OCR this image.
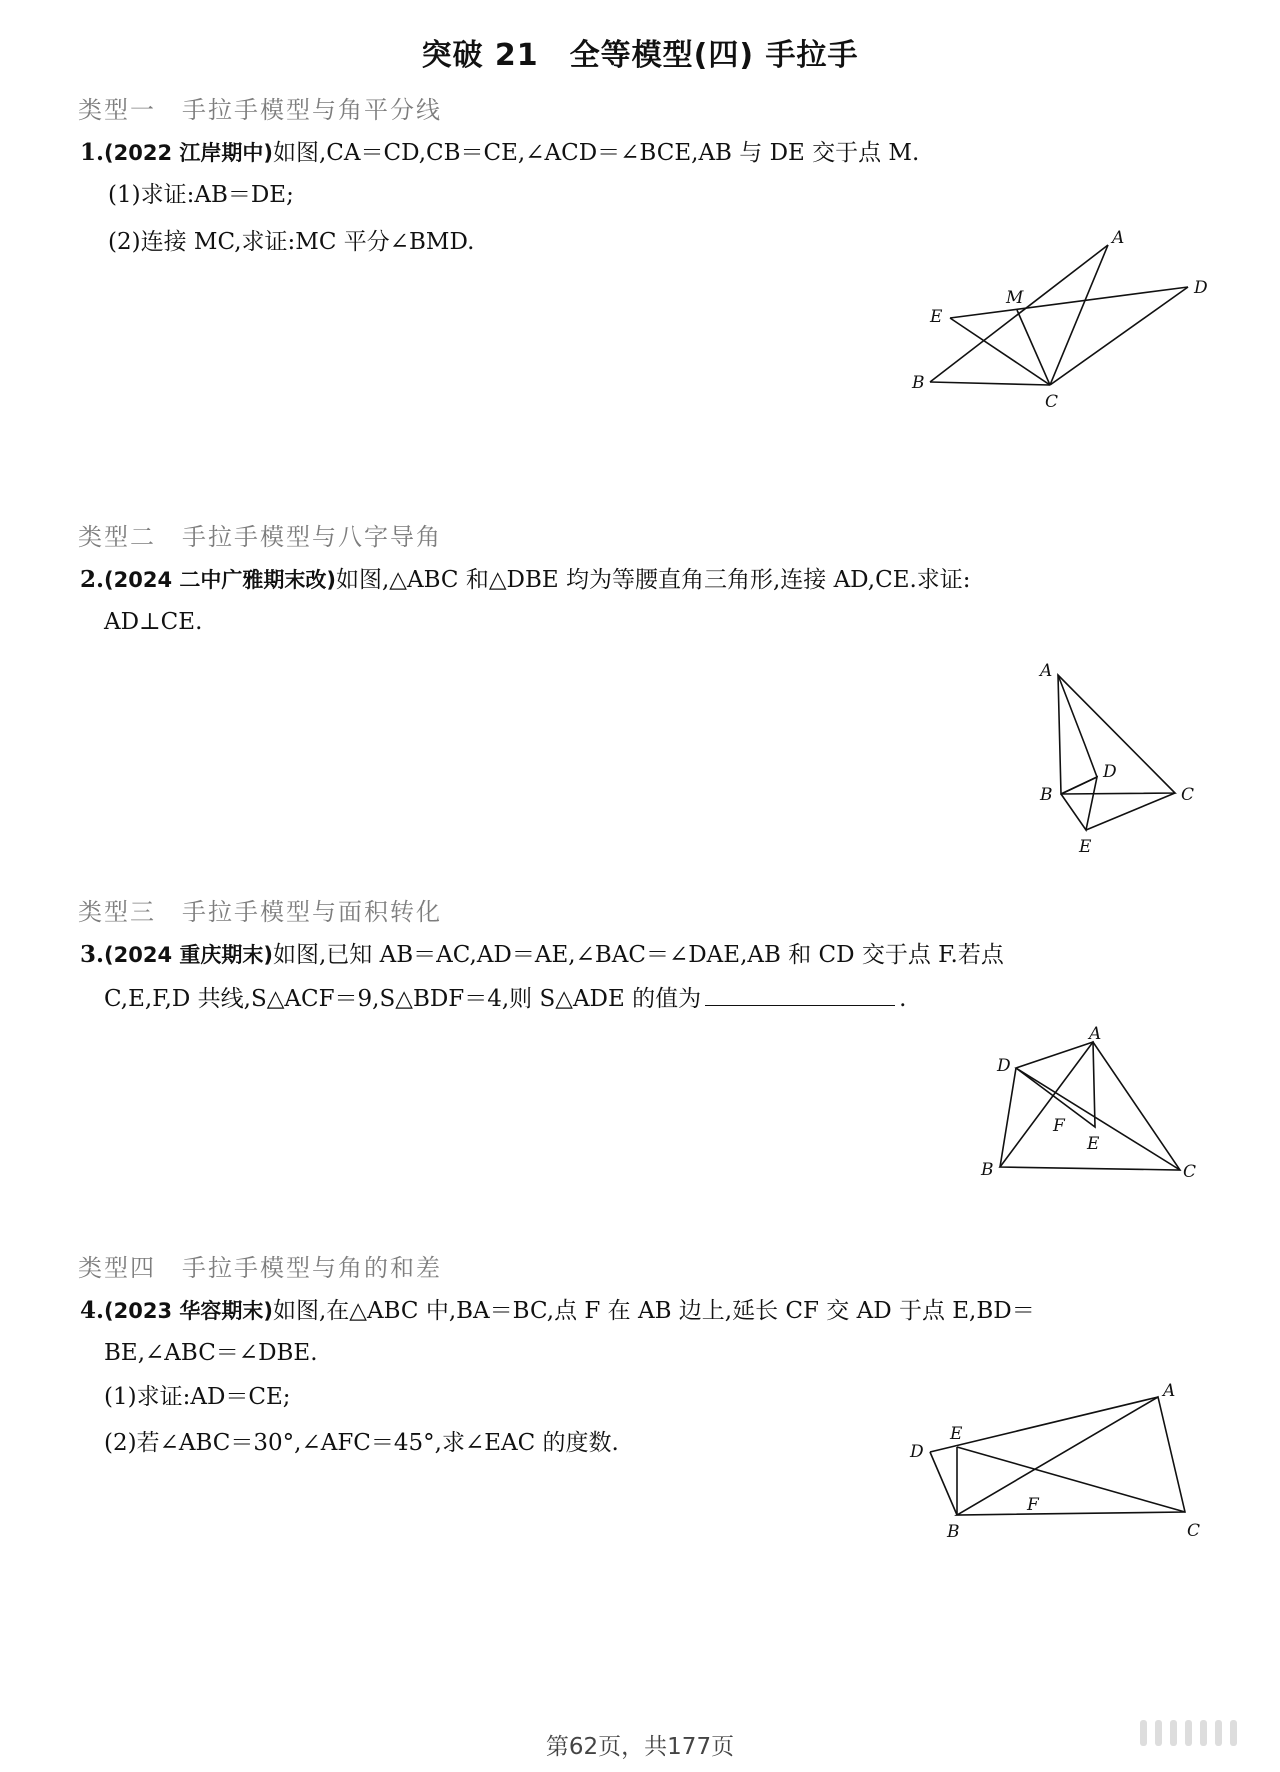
突破 21　全等模型(四) 手拉手
类型一　手拉手模型与角平分线
1.(2022 江岸期中)如图,CA＝CD,CB＝CE,∠ACD＝∠BCE,AB 与 DE 交于点 M.
(1)求证:AB＝DE;
(2)连接 MC,求证:MC 平分∠BMD.	A
M	D
E
B
C
类型二　手拉手模型与八字导角
2.(2024 二中广雅期末改)如图,△ABC 和△DBE 均为等腰直角三角形,连接 AD,CE.求证:
AD⊥CE.
A
D
B	C
E
类型三　手拉手模型与面积转化
3.(2024 重庆期末)如图,已知 AB＝AC,AD＝AE,∠BAC＝∠DAE,AB 和 CD 交于点 F.若点
C,E,F,D 共线,S△ACF＝9,S△BDF＝4,则 S△ADE 的值为	.
A
D
F
E
B	C
类型四　手拉手模型与角的和差
4.(2023 华容期末)如图,在△ABC 中,BA＝BC,点 F 在 AB 边上,延长 CF 交 AD 于点 E,BD＝
BE,∠ABC＝∠DBE.
(1)求证:AD＝CE;
(2)若∠ABC＝30°,∠AFC＝45°,求∠EAC 的度数.
A
E
D
F
B	C
第62页，共177页
